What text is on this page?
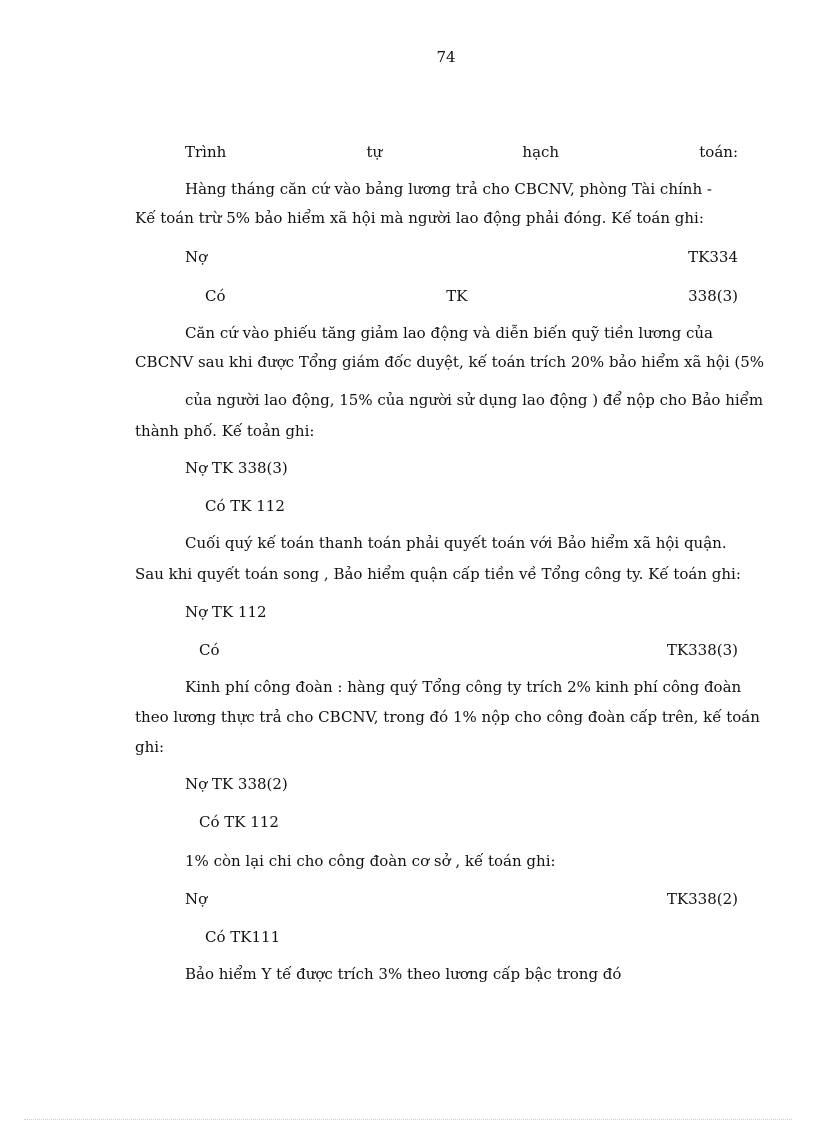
74
Trình	tự	hạch	toán:
Hàng tháng căn cứ vào bảng lương trả cho CBCNV, phòng Tài chính -
Kế toán trừ 5% bảo hiểm xã hội mà người lao động phải đóng. Kế toán ghi:
Nợ	TK334
Có	TK	338(3)
Căn cứ vào phiếu tăng giảm lao động và diễn biến quỹ tiền lương của
CBCNV sau khi được Tổng giám đốc duyệt, kế toán trích 20% bảo hiểm xã hội (5%
của người lao động, 15% của người sử dụng lao động ) để nộp cho Bảo hiểm
thành phố. Kế toản ghi:
Nợ TK 338(3)
Có TK 112
Cuối quý kế toán thanh toán phải quyết toán với Bảo hiểm xã hội quận.
Sau khi quyết toán song , Bảo hiểm quận cấp tiền về Tổng công ty. Kế toán ghi:
Nợ TK 112
Có	TK338(3)
Kinh phí công đoàn : hàng quý Tổng công ty trích 2% kinh phí công đoàn
theo lương thực trả cho CBCNV, trong đó 1% nộp cho công đoàn cấp trên, kế toán
ghi:
Nợ TK 338(2)
Có TK 112
1% còn lại chi cho công đoàn cơ sở , kế toán ghi:
Nợ	TK338(2)
Có TK111
Bảo hiểm Y tế được trích 3% theo lương cấp bậc trong đó
